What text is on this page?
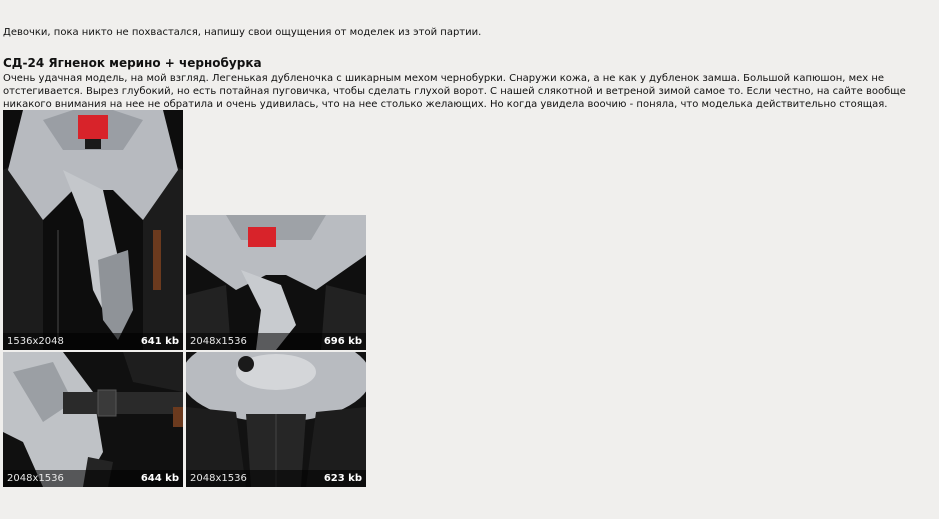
Девочки, пока никто не похвастался, напишу свои ощущения от моделек из этой партии.
СД-24 Ягненок мерино + чернобурка
Очень удачная модель, на мой взгляд. Легенькая дубленочка с шикарным мехом чернобурки. Снаружи кожа, а не как у дубленок замша. Большой капюшон, мех не отстегивается. Вырез глубокий, но есть потайная пуговичка, чтобы сделать глухой ворот. С нашей слякотной и ветреной зимой самое то. Если честно, на сайте вообще никакого внимания на нее не обратила и очень удивилась, что на нее столько желающих. Но когда увидела воочию - поняла, что моделька действительно стоящая.
1536x2048	641 kb 2048x1536	696 kb
2048x1536	644 kb 2048x1536	623 kb
